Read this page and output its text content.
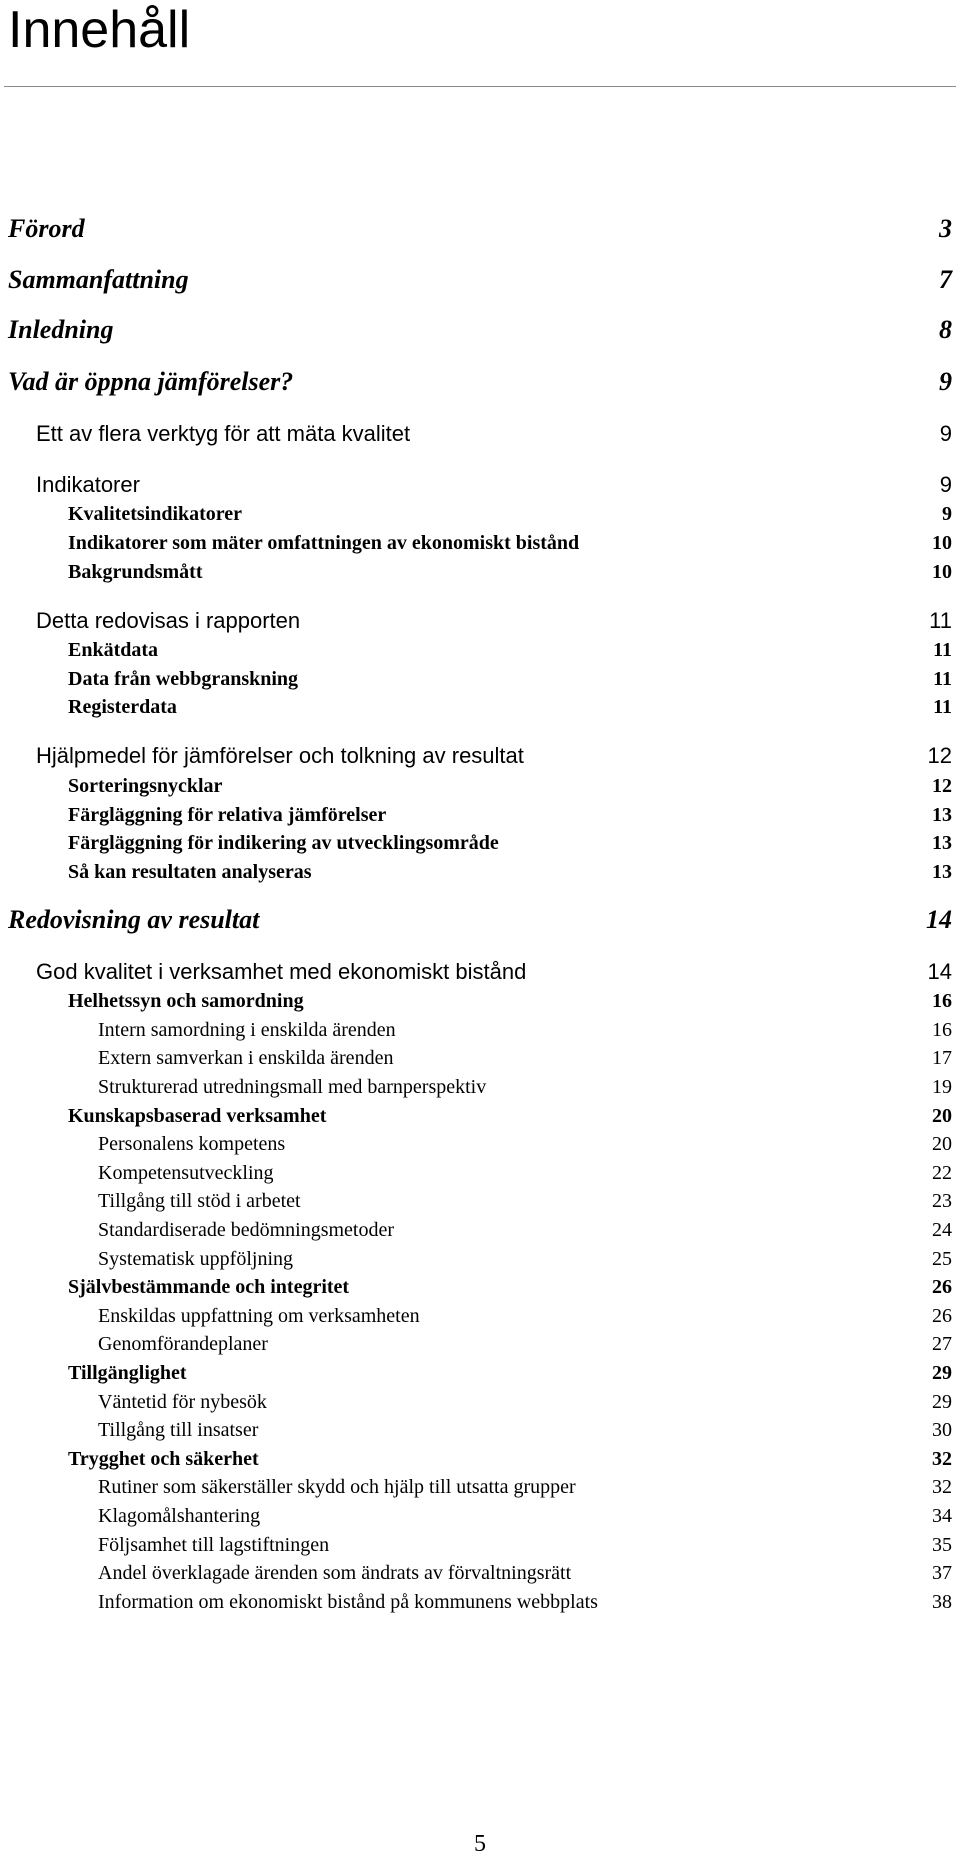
Innehåll
Förord	3
Sammanfattning	7
Inledning	8
Vad är öppna jämförelser?	9
Ett av flera verktyg för att mäta kvalitet	9
Indikatorer	9
Kvalitetsindikatorer	9
Indikatorer som mäter omfattningen av ekonomiskt bistånd	10
Bakgrundsmått	10
Detta redovisas i rapporten	11
Enkätdata	11
Data från webbgranskning	11
Registerdata	11
Hjälpmedel för jämförelser och tolkning av resultat	12
Sorteringsnycklar	12
Färgläggning för relativa jämförelser	13
Färgläggning för indikering av utvecklingsområde	13
Så kan resultaten analyseras	13
Redovisning av resultat	14
God kvalitet i verksamhet med ekonomiskt bistånd	14
Helhetssyn och samordning	16
Intern samordning i enskilda ärenden	16
Extern samverkan i enskilda ärenden	17
Strukturerad utredningsmall med barnperspektiv	19
Kunskapsbaserad verksamhet	20
Personalens kompetens	20
Kompetensutveckling	22
Tillgång till stöd i arbetet	23
Standardiserade bedömningsmetoder	24
Systematisk uppföljning	25
Självbestämmande och integritet	26
Enskildas uppfattning om verksamheten	26
Genomförandeplaner	27
Tillgänglighet	29
Väntetid för nybesök	29
Tillgång till insatser	30
Trygghet och säkerhet	32
Rutiner som säkerställer skydd och hjälp till utsatta grupper	32
Klagomålshantering	34
Följsamhet till lagstiftningen	35
Andel överklagade ärenden som ändrats av förvaltningsrätt	37
Information om ekonomiskt bistånd på kommunens webbplats	38
5
